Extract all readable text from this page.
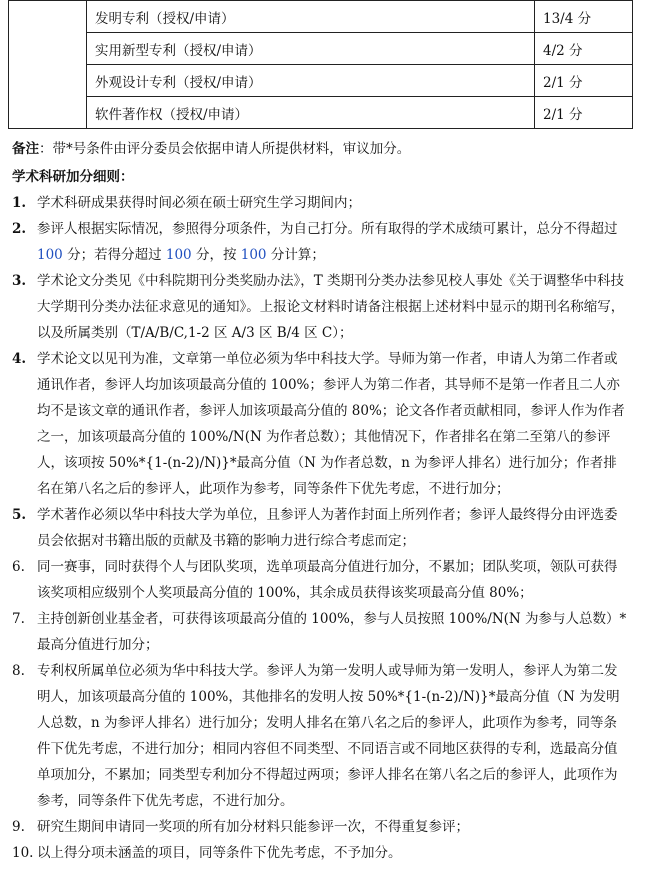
	发明专利（授权/申请）	13/4 分
	实用新型专利（授权/申请）	4/2 分
	外观设计专利（授权/申请）	2/1 分
	软件著作权（授权/申请）	2/1 分
备注：带*号条件由评分委员会依据申请人所提供材料，审议加分。
学术科研加分细则：
1. 学术科研成果获得时间必须在硕士研究生学习期间内；
2. 参评人根据实际情况，参照得分项条件，为自己打分。所有取得的学术成绩可累计，总分不得超过 100 分；若得分超过 100 分，按 100 分计算；
3. 学术论文分类见《中科院期刊分类奖励办法》，T 类期刊分类办法参见校人事处《关于调整华中科技大学期刊分类办法征求意见的通知》。上报论文材料时请备注根据上述材料中显示的期刊名称缩写，以及所属类别（T/A/B/C,1-2 区 A/3 区 B/4 区 C）；
4. 学术论文以见刊为准，文章第一单位必须为华中科技大学。导师为第一作者，申请人为第二作者或通讯作者，参评人均加该项最高分值的 100%；参评人为第二作者，其导师不是第一作者且二人亦均不是该文章的通讯作者，参评人加该项最高分值的 80%；论文各作者贡献相同，参评人作为作者之一，加该项最高分值的 100%/N(N 为作者总数）；其他情况下，作者排名在第二至第八的参评人，该项按 50%*{1-(n-2)/N)}*最高分值（N 为作者总数，n 为参评人排名）进行加分；作者排名在第八名之后的参评人，此项作为参考，同等条件下优先考虑，不进行加分；
5. 学术著作必须以华中科技大学为单位，且参评人为著作封面上所列作者；参评人最终得分由评选委员会依据对书籍出版的贡献及书籍的影响力进行综合考虑而定；
6. 同一赛事，同时获得个人与团队奖项，选单项最高分值进行加分，不累加；团队奖项，领队可获得该奖项相应级别个人奖项最高分值的 100%，其余成员获得该奖项最高分值 80%；
7. 主持创新创业基金者，可获得该项最高分值的 100%，参与人员按照 100%/N(N 为参与人总数）*最高分值进行加分；
8. 专利权所属单位必须为华中科技大学。参评人为第一发明人或导师为第一发明人，参评人为第二发明人，加该项最高分值的 100%，其他排名的发明人按 50%*{1-(n-2)/N)}*最高分值（N 为发明人总数，n 为参评人排名）进行加分；发明人排名在第八名之后的参评人，此项作为参考，同等条件下优先考虑，不进行加分；相同内容但不同类型、不同语言或不同地区获得的专利，选最高分值单项加分，不累加；同类型专利加分不得超过两项；参评人排名在第八名之后的参评人，此项作为参考，同等条件下优先考虑，不进行加分。
9. 研究生期间申请同一奖项的所有加分材料只能参评一次，不得重复参评；
10. 以上得分项未涵盖的项目，同等条件下优先考虑，不予加分。
